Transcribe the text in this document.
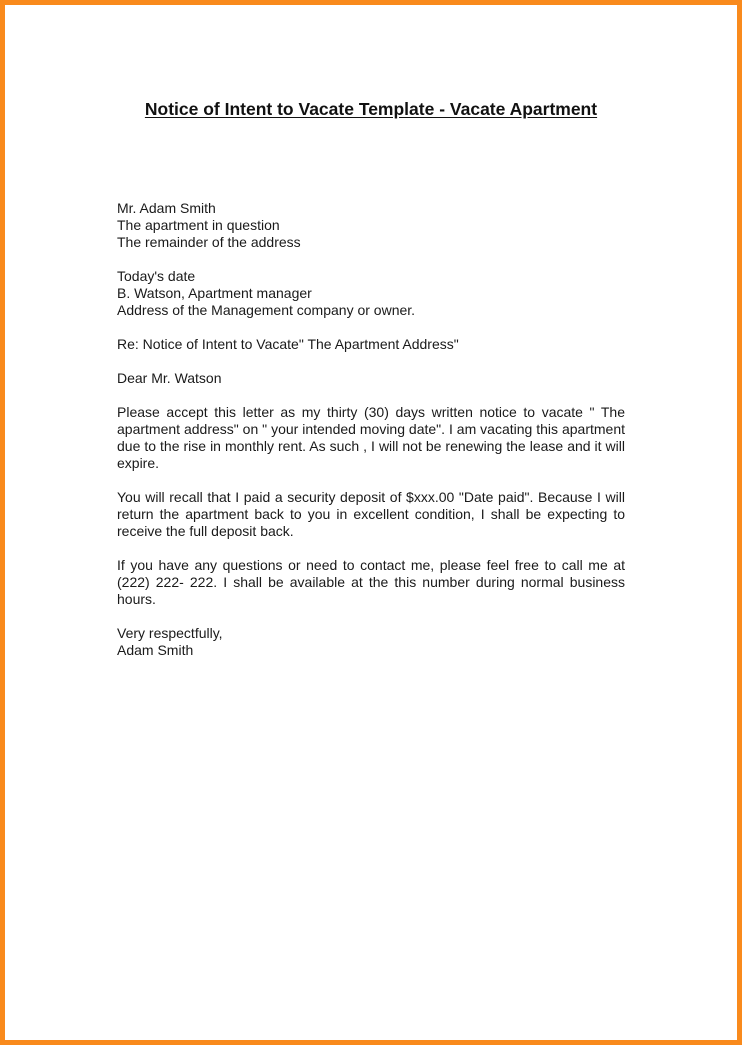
Notice of Intent to Vacate Template - Vacate Apartment
Mr. Adam Smith
The apartment in question
The remainder of the address
Today's date
B. Watson, Apartment manager
Address of the Management company or owner.
Re: Notice of Intent to Vacate" The Apartment Address"
Dear Mr. Watson

Please accept this letter as my thirty (30) days written notice to vacate " The apartment address" on " your intended moving date". I am vacating this apartment due to the rise in monthly rent. As such , I will not be renewing the lease and it will expire.

You will recall that I paid a security deposit of $xxx.00 "Date paid". Because I will return the apartment back to you in excellent condition, I shall be expecting to receive the full deposit back.

If you have any questions or need to contact me, please feel free to call me at (222) 222- 222. I shall be available at the this number during normal business hours.

Very respectfully,
Adam Smith
